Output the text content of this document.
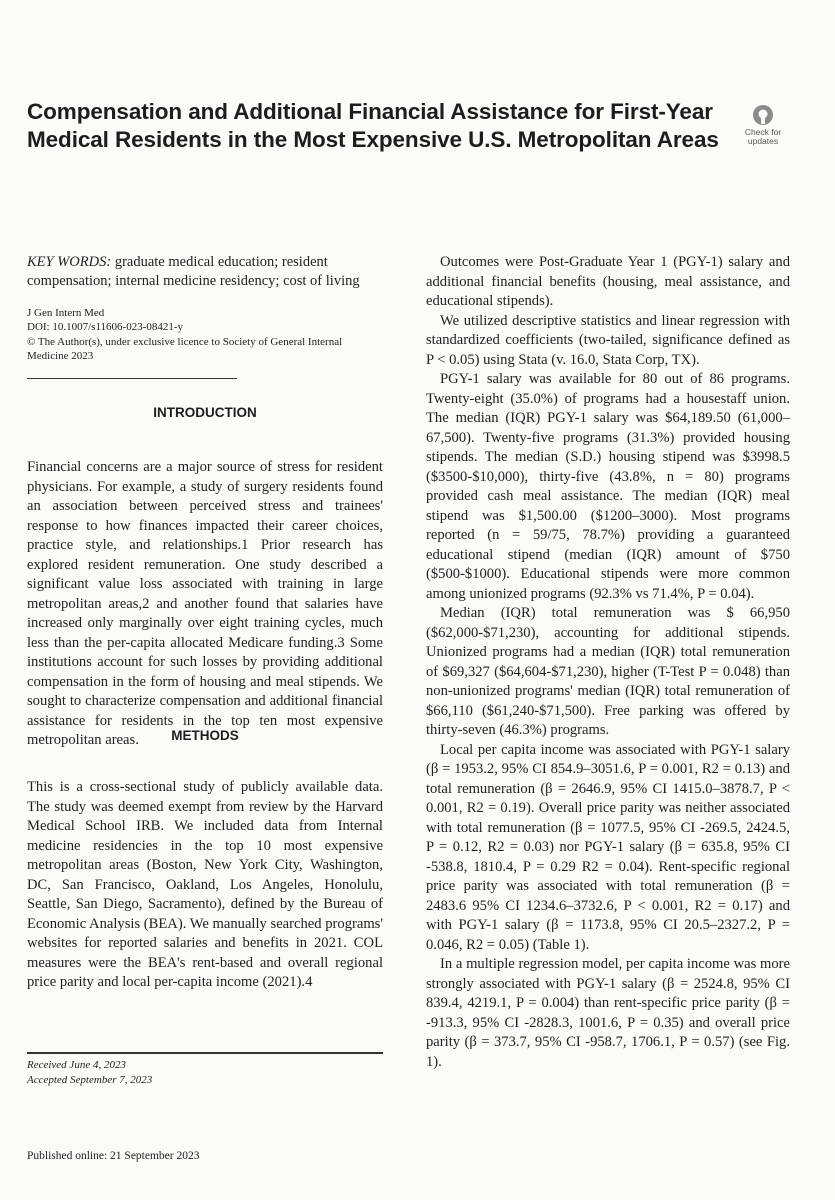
Compensation and Additional Financial Assistance for First-Year Medical Residents in the Most Expensive U.S. Metropolitan Areas	Check for
updates
KEY WORDS: graduate medical education; resident compensation; internal medicine residency; cost of living
J Gen Intern Med
DOI: 10.1007/s11606-023-08421-y
© The Author(s), under exclusive licence to Society of General Internal Medicine 2023
INTRODUCTION

Financial concerns are a major source of stress for resident physicians. For example, a study of surgery residents found an association between perceived stress and trainees' response to how finances impacted their career choices, practice style, and relationships.1 Prior research has explored resident remuneration. One study described a significant value loss associated with training in large metropolitan areas,2 and another found that salaries have increased only marginally over eight training cycles, much less than the per-capita allocated Medicare funding.3 Some institutions account for such losses by providing additional compensation in the form of housing and meal stipends. We sought to characterize compensation and additional financial assistance for residents in the top ten most expensive metropolitan areas.	METHODS

This is a cross-sectional study of publicly available data. The study was deemed exempt from review by the Harvard Medical School IRB. We included data from Internal medicine residencies in the top 10 most expensive metropolitan areas (Boston, New York City, Washington, DC, San Francisco, Oakland, Los Angeles, Honolulu, Seattle, San Diego, Sacramento), defined by the Bureau of Economic Analysis (BEA). We manually searched programs' websites for reported salaries and benefits in 2021. COL measures were the BEA's rent-based and overall regional price parity and local per-capita income (2021).4

Received June 4, 2023
Accepted September 7, 2023
Published online: 21 September 2023

Outcomes were Post-Graduate Year 1 (PGY-1) salary and additional financial benefits (housing, meal assistance, and educational stipends).

We utilized descriptive statistics and linear regression with standardized coefficients (two-tailed, significance defined as P < 0.05) using Stata (v. 16.0, Stata Corp, TX).

PGY-1 salary was available for 80 out of 86 programs. Twenty-eight (35.0%) of programs had a housestaff union. The median (IQR) PGY-1 salary was $64,189.50 (61,000–67,500). Twenty-five programs (31.3%) provided housing stipends. The median (S.D.) housing stipend was $3998.5 ($3500-$10,000), thirty-five (43.8%, n = 80) programs provided cash meal assistance. The median (IQR) meal stipend was $1,500.00 ($1200–3000). Most programs reported (n = 59/75, 78.7%) providing a guaranteed educational stipend (median (IQR) amount of $750 ($500-$1000). Educational stipends were more common among unionized programs (92.3% vs 71.4%, P = 0.04).

Median (IQR) total remuneration was $ 66,950 ($62,000-$71,230), accounting for additional stipends. Unionized programs had a median (IQR) total remuneration of $69,327 ($64,604-$71,230), higher (T-Test P = 0.048) than non-unionized programs' median (IQR) total remuneration of $66,110 ($61,240-$71,500). Free parking was offered by thirty-seven (46.3%) programs.

Local per capita income was associated with PGY-1 salary (β = 1953.2, 95% CI 854.9–3051.6, P = 0.001, R2 = 0.13) and total remuneration (β = 2646.9, 95% CI 1415.0–3878.7, P < 0.001, R2 = 0.19). Overall price parity was neither associated with total remuneration (β = 1077.5, 95% CI -269.5, 2424.5, P = 0.12, R2 = 0.03) nor PGY-1 salary (β = 635.8, 95% CI -538.8, 1810.4, P = 0.29 R2 = 0.04). Rent-specific regional price parity was associated with total remuneration (β = 2483.6 95% CI 1234.6–3732.6, P < 0.001, R2 = 0.17) and with PGY-1 salary (β = 1173.8, 95% CI 20.5–2327.2, P = 0.046, R2 = 0.05) (Table 1).

In a multiple regression model, per capita income was more strongly associated with PGY-1 salary (β = 2524.8, 95% CI 839.4, 4219.1, P = 0.004) than rent-specific price parity (β = -913.3, 95% CI -2828.3, 1001.6, P = 0.35) and overall price parity (β = 373.7, 95% CI -958.7, 1706.1, P = 0.57) (see Fig. 1).
